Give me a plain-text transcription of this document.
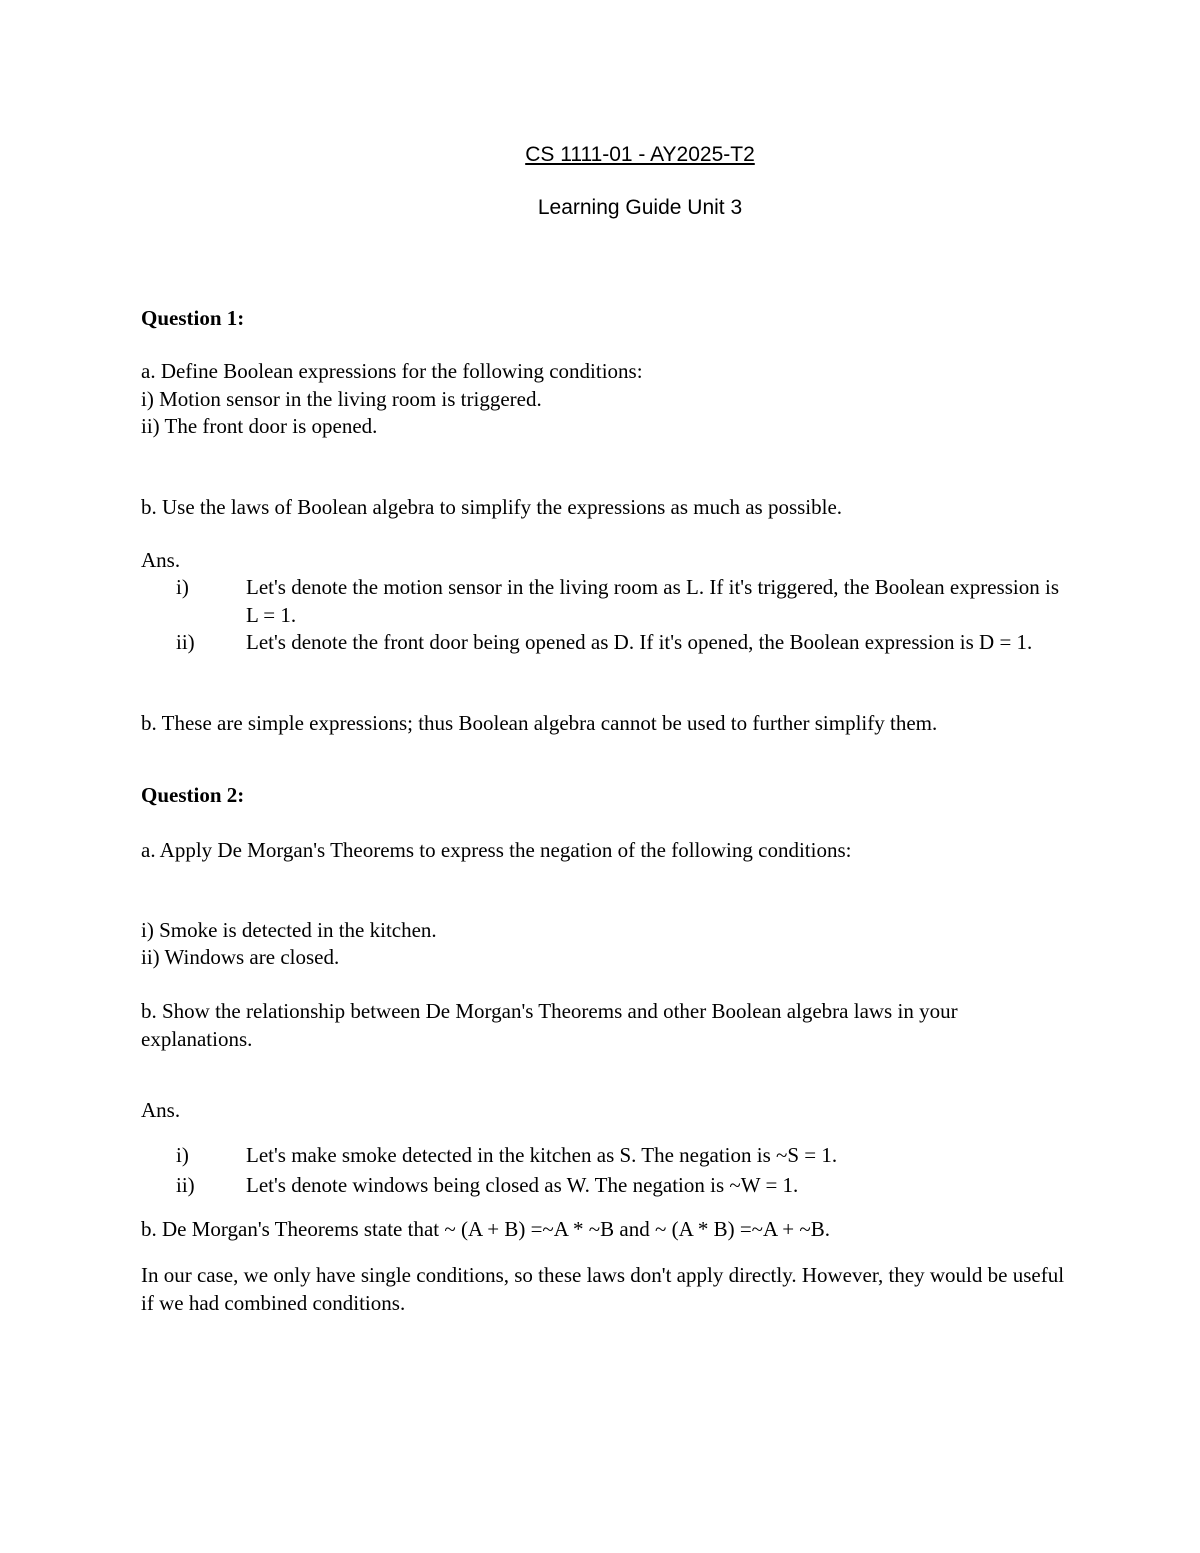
CS 1111-01 - AY2025-T2
Learning Guide Unit 3
Question 1:
a. Define Boolean expressions for the following conditions:
i) Motion sensor in the living room is triggered.
ii) The front door is opened.
b. Use the laws of Boolean algebra to simplify the expressions as much as possible.
Ans.
i)	Let's denote the motion sensor in the living room as L. If it's triggered, the Boolean expression is L = 1.
ii) Let's denote the front door being opened as D. If it's opened, the Boolean expression is D = 1.
b. These are simple expressions; thus Boolean algebra cannot be used to further simplify them.
Question 2:
a. Apply De Morgan's Theorems to express the negation of the following conditions:
i) Smoke is detected in the kitchen.
ii) Windows are closed.
b. Show the relationship between De Morgan's Theorems and other Boolean algebra laws in your explanations.
Ans.
i)	Let's make smoke detected in the kitchen as S. The negation is ~S = 1.
ii) Let's denote windows being closed as W. The negation is ~W = 1.
b. De Morgan's Theorems state that ~ (A + B) =~A * ~B and ~ (A * B) =~A + ~B.
In our case, we only have single conditions, so these laws don't apply directly. However, they would be useful if we had combined conditions.
